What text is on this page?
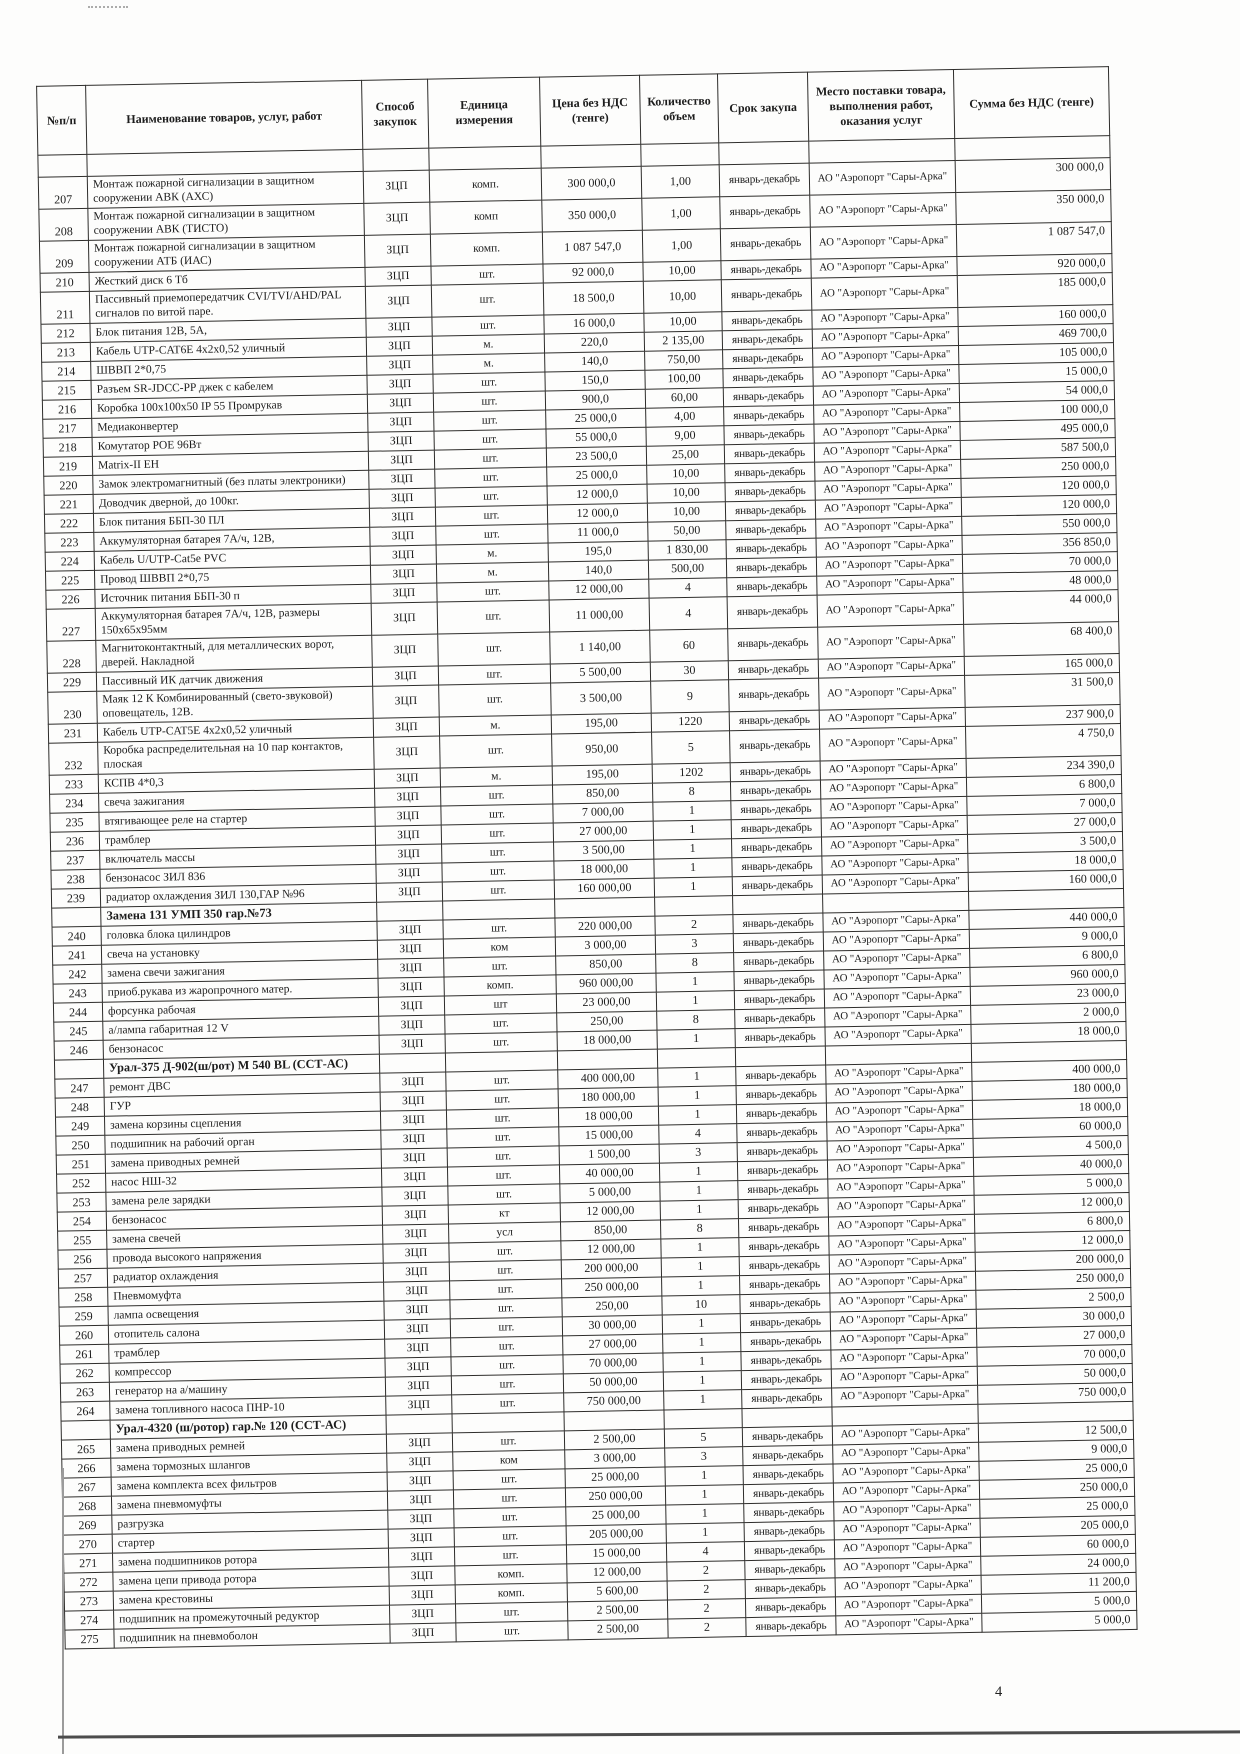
№п/п	Наименование товаров, услуг, работ	Способ закупок	Единица измерения	Цена без НДС (тенге)	Количество объем	Срок закупа	Место поставки товара, выполнения работ, оказания услуг	Сумма без НДС (тенге)

207	Монтаж пожарной сигнализации в защитном сооружении АВК (АХС)	ЗЦП	комп.	300 000,0	1,00	январь-декабрь	АО "Аэропорт "Сары-Арка"	300 000,0
208	Монтаж пожарной сигнализации в защитном сооружении АВК (ТИСТО)	ЗЦП	комп	350 000,0	1,00	январь-декабрь	АО "Аэропорт "Сары-Арка"	350 000,0
209	Монтаж пожарной сигнализации в защитном сооружении АТБ (ИАС)	ЗЦП	комп.	1 087 547,0	1,00	январь-декабрь	АО "Аэропорт "Сары-Арка"	1 087 547,0
210	Жесткий диск 6 Тб	ЗЦП	шт.	92 000,0	10,00	январь-декабрь	АО "Аэропорт "Сары-Арка"	920 000,0
211	Пассивный приемопередатчик CVI/TVI/AHD/PAL сигналов по витой паре.	ЗЦП	шт.	18 500,0	10,00	январь-декабрь	АО "Аэропорт "Сары-Арка"	185 000,0
212	Блок питания 12В, 5А,	ЗЦП	шт.	16 000,0	10,00	январь-декабрь	АО "Аэропорт "Сары-Арка"	160 000,0
213	Кабель UTP-CAT6E 4х2х0,52 уличный	ЗЦП	м.	220,0	2 135,00	январь-декабрь	АО "Аэропорт "Сары-Арка"	469 700,0
214	ШВВП 2*0,75	ЗЦП	м.	140,0	750,00	январь-декабрь	АО "Аэропорт "Сары-Арка"	105 000,0
215	Разъем SR-JDCC-PP джек с кабелем	ЗЦП	шт.	150,0	100,00	январь-декабрь	АО "Аэропорт "Сары-Арка"	15 000,0
216	Коробка 100х100х50 IP 55 Промрукав	ЗЦП	шт.	900,0	60,00	январь-декабрь	АО "Аэропорт "Сары-Арка"	54 000,0
217	Медиаконвертер	ЗЦП	шт.	25 000,0	4,00	январь-декабрь	АО "Аэропорт "Сары-Арка"	100 000,0
218	Комутатор POE 96Вт	ЗЦП	шт.	55 000,0	9,00	январь-декабрь	АО "Аэропорт "Сары-Арка"	495 000,0
219	Matrix-II EH	ЗЦП	шт.	23 500,0	25,00	январь-декабрь	АО "Аэропорт "Сары-Арка"	587 500,0
220	Замок электромагнитный (без платы электроники)	ЗЦП	шт.	25 000,0	10,00	январь-декабрь	АО "Аэропорт "Сары-Арка"	250 000,0
221	Доводчик дверной, до 100кг.	ЗЦП	шт.	12 000,0	10,00	январь-декабрь	АО "Аэропорт "Сары-Арка"	120 000,0
222	Блок питания ББП-30 ПЛ	ЗЦП	шт.	12 000,0	10,00	январь-декабрь	АО "Аэропорт "Сары-Арка"	120 000,0
223	Аккумуляторная батарея 7А/ч, 12В,	ЗЦП	шт.	11 000,0	50,00	январь-декабрь	АО "Аэропорт "Сары-Арка"	550 000,0
224	Кабель U/UTP-Cat5e PVC	ЗЦП	м.	195,0	1 830,00	январь-декабрь	АО "Аэропорт "Сары-Арка"	356 850,0
225	Провод ШВВП 2*0,75	ЗЦП	м.	140,0	500,00	январь-декабрь	АО "Аэропорт "Сары-Арка"	70 000,0
226	Источник питания ББП-30 п	ЗЦП	шт.	12 000,00	4	январь-декабрь	АО "Аэропорт "Сары-Арка"	48 000,0
227	Аккумуляторная батарея 7А/ч, 12В, размеры 150х65х95мм	ЗЦП	шт.	11 000,00	4	январь-декабрь	АО "Аэропорт "Сары-Арка"	44 000,0
228	Магнитоконтактный, для металлических ворот, дверей. Накладной	ЗЦП	шт.	1 140,00	60	январь-декабрь	АО "Аэропорт "Сары-Арка"	68 400,0
229	Пассивный ИК датчик движения	ЗЦП	шт.	5 500,00	30	январь-декабрь	АО "Аэропорт "Сары-Арка"	165 000,0
230	Маяк 12 К Комбинированный (свето-звуковой) оповещатель, 12В.	ЗЦП	шт.	3 500,00	9	январь-декабрь	АО "Аэропорт "Сары-Арка"	31 500,0
231	Кабель UTP-CAT5E 4х2х0,52 уличный	ЗЦП	м.	195,00	1220	январь-декабрь	АО "Аэропорт "Сары-Арка"	237 900,0
232	Коробка распределительная на 10 пар контактов, плоская	ЗЦП	шт.	950,00	5	январь-декабрь	АО "Аэропорт "Сары-Арка"	4 750,0
233	КСПВ 4*0,3	ЗЦП	м.	195,00	1202	январь-декабрь	АО "Аэропорт "Сары-Арка"	234 390,0
234	свеча зажигания	ЗЦП	шт.	850,00	8	январь-декабрь	АО "Аэропорт "Сары-Арка"	6 800,0
235	втягивающее реле на стартер	ЗЦП	шт.	7 000,00	1	январь-декабрь	АО "Аэропорт "Сары-Арка"	7 000,0
236	трамблер	ЗЦП	шт.	27 000,00	1	январь-декабрь	АО "Аэропорт "Сары-Арка"	27 000,0
237	включатель массы	ЗЦП	шт.	3 500,00	1	январь-декабрь	АО "Аэропорт "Сары-Арка"	3 500,0
238	бензонасос ЗИЛ 836	ЗЦП	шт.	18 000,00	1	январь-декабрь	АО "Аэропорт "Сары-Арка"	18 000,0
239	радиатор охлаждения ЗИЛ 130,ГАР №96	ЗЦП	шт.	160 000,00	1	январь-декабрь	АО "Аэропорт "Сары-Арка"	160 000,0
	Замена 131 УМП 350 гар.№73							
240	головка блока цилиндров	ЗЦП	шт.	220 000,00	2	январь-декабрь	АО "Аэропорт "Сары-Арка"	440 000,0
241	свеча на установку	ЗЦП	ком	3 000,00	3	январь-декабрь	АО "Аэропорт "Сары-Арка"	9 000,0
242	замена свечи зажигания	ЗЦП	шт.	850,00	8	январь-декабрь	АО "Аэропорт "Сары-Арка"	6 800,0
243	приоб.рукава из жаропрочного матер.	ЗЦП	комп.	960 000,00	1	январь-декабрь	АО "Аэропорт "Сары-Арка"	960 000,0
244	форсунка рабочая	ЗЦП	шт	23 000,00	1	январь-декабрь	АО "Аэропорт "Сары-Арка"	23 000,0
245	а/лампа габаритная 12 V	ЗЦП	шт.	250,00	8	январь-декабрь	АО "Аэропорт "Сары-Арка"	2 000,0
246	бензонасос	ЗЦП	шт.	18 000,00	1	январь-декабрь	АО "Аэропорт "Сары-Арка"	18 000,0
	Урал-375 Д-902(ш/рот) М 540 BL (ССТ-АС)							
247	ремонт ДВС	ЗЦП	шт.	400 000,00	1	январь-декабрь	АО "Аэропорт "Сары-Арка"	400 000,0
248	ГУР	ЗЦП	шт.	180 000,00	1	январь-декабрь	АО "Аэропорт "Сары-Арка"	180 000,0
249	замена корзины сцепления	ЗЦП	шт.	18 000,00	1	январь-декабрь	АО "Аэропорт "Сары-Арка"	18 000,0
250	подшипник на рабочий орган	ЗЦП	шт.	15 000,00	4	январь-декабрь	АО "Аэропорт "Сары-Арка"	60 000,0
251	замена приводных ремней	ЗЦП	шт.	1 500,00	3	январь-декабрь	АО "Аэропорт "Сары-Арка"	4 500,0
252	насос НШ-32	ЗЦП	шт.	40 000,00	1	январь-декабрь	АО "Аэропорт "Сары-Арка"	40 000,0
253	замена реле зарядки	ЗЦП	шт.	5 000,00	1	январь-декабрь	АО "Аэропорт "Сары-Арка"	5 000,0
254	бензонасос	ЗЦП	кт	12 000,00	1	январь-декабрь	АО "Аэропорт "Сары-Арка"	12 000,0
255	замена свечей	ЗЦП	усл	850,00	8	январь-декабрь	АО "Аэропорт "Сары-Арка"	6 800,0
256	провода высокого напряжения	ЗЦП	шт.	12 000,00	1	январь-декабрь	АО "Аэропорт "Сары-Арка"	12 000,0
257	радиатор охлаждения	ЗЦП	шт.	200 000,00	1	январь-декабрь	АО "Аэропорт "Сары-Арка"	200 000,0
258	Пневмомуфта	ЗЦП	шт.	250 000,00	1	январь-декабрь	АО "Аэропорт "Сары-Арка"	250 000,0
259	лампа освещения	ЗЦП	шт.	250,00	10	январь-декабрь	АО "Аэропорт "Сары-Арка"	2 500,0
260	отопитель салона	ЗЦП	шт.	30 000,00	1	январь-декабрь	АО "Аэропорт "Сары-Арка"	30 000,0
261	трамблер	ЗЦП	шт.	27 000,00	1	январь-декабрь	АО "Аэропорт "Сары-Арка"	27 000,0
262	компрессор	ЗЦП	шт.	70 000,00	1	январь-декабрь	АО "Аэропорт "Сары-Арка"	70 000,0
263	генератор на а/машину	ЗЦП	шт.	50 000,00	1	январь-декабрь	АО "Аэропорт "Сары-Арка"	50 000,0
264	замена топливного насоса ПНР-10	ЗЦП	шт.	750 000,00	1	январь-декабрь	АО "Аэропорт "Сары-Арка"	750 000,0
	Урал-4320 (ш/ротор) гар.№ 120 (ССТ-АС)							
265	замена приводных ремней	ЗЦП	шт.	2 500,00	5	январь-декабрь	АО "Аэропорт "Сары-Арка"	12 500,0
266	замена тормозных шлангов	ЗЦП	ком	3 000,00	3	январь-декабрь	АО "Аэропорт "Сары-Арка"	9 000,0
267	замена комплекта всех фильтров	ЗЦП	шт.	25 000,00	1	январь-декабрь	АО "Аэропорт "Сары-Арка"	25 000,0
268	замена пневмомуфты	ЗЦП	шт.	250 000,00	1	январь-декабрь	АО "Аэропорт "Сары-Арка"	250 000,0
269	разгрузка	ЗЦП	шт.	25 000,00	1	январь-декабрь	АО "Аэропорт "Сары-Арка"	25 000,0
270	стартер	ЗЦП	шт.	205 000,00	1	январь-декабрь	АО "Аэропорт "Сары-Арка"	205 000,0
271	замена подшипников ротора	ЗЦП	шт.	15 000,00	4	январь-декабрь	АО "Аэропорт "Сары-Арка"	60 000,0
272	замена цепи привода ротора	ЗЦП	комп.	12 000,00	2	январь-декабрь	АО "Аэропорт "Сары-Арка"	24 000,0
273	замена крестовины	ЗЦП	комп.	5 600,00	2	январь-декабрь	АО "Аэропорт "Сары-Арка"	11 200,0
274	подшипник на промежуточный редуктор	ЗЦП	шт.	2 500,00	2	январь-декабрь	АО "Аэропорт "Сары-Арка"	5 000,0
275	подшипник на пневмоболон	ЗЦП	шт.	2 500,00	2	январь-декабрь	АО "Аэропорт "Сары-Арка"	5 000,0
4
